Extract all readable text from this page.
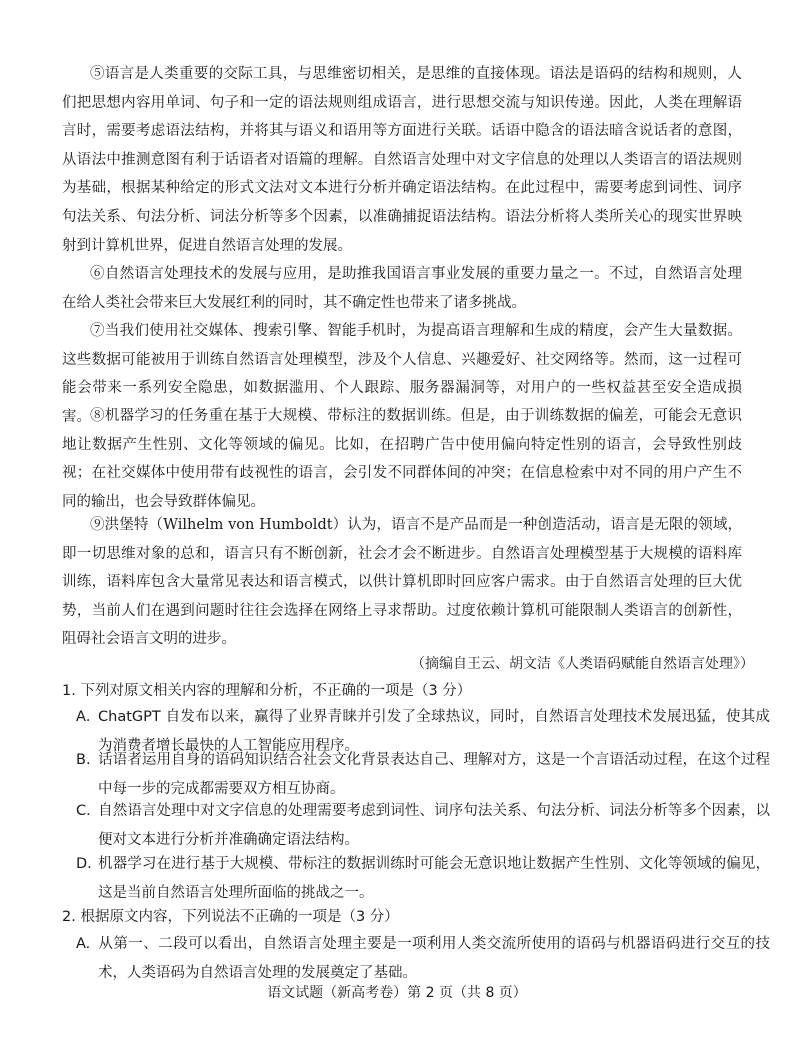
⑤语言是人类重要的交际工具，与思维密切相关，是思维的直接体现。语法是语码的结构和规则，人们把思想内容用单词、句子和一定的语法规则组成语言，进行思想交流与知识传递。因此，人类在理解语言时，需要考虑语法结构，并将其与语义和语用等方面进行关联。话语中隐含的语法暗含说话者的意图，从语法中推测意图有利于话语者对语篇的理解。自然语言处理中对文字信息的处理以人类语言的语法规则为基础，根据某种给定的形式文法对文本进行分析并确定语法结构。在此过程中，需要考虑到词性、词序句法关系、句法分析、词法分析等多个因素，以准确捕捉语法结构。语法分析将人类所关心的现实世界映射到计算机世界，促进自然语言处理的发展。

⑥自然语言处理技术的发展与应用，是助推我国语言事业发展的重要力量之一。不过，自然语言处理在给人类社会带来巨大发展红利的同时，其不确定性也带来了诸多挑战。

⑦当我们使用社交媒体、搜索引擎、智能手机时，为提高语言理解和生成的精度，会产生大量数据。这些数据可能被用于训练自然语言处理模型，涉及个人信息、兴趣爱好、社交网络等。然而，这一过程可能会带来一系列安全隐患，如数据滥用、个人跟踪、服务器漏洞等，对用户的一些权益甚至安全造成损害。 ⑧机器学习的任务重在基于大规模、带标注的数据训练。但是，由于训练数据的偏差，可能会无意识地让数据产生性别、文化等领域的偏见。比如，在招聘广告中使用偏向特定性别的语言，会导致性别歧视；在社交媒体中使用带有歧视性的语言，会引发不同群体间的冲突；在信息检索中对不同的用户产生不同的输出，也会导致群体偏见。

⑨洪堡特（Wilhelm von Humboldt）认为，语言不是产品而是一种创造活动，语言是无限的领域，即一切思维对象的总和，语言只有不断创新，社会才会不断进步。自然语言处理模型基于大规模的语料库训练，语料库包含大量常见表达和语言模式，以供计算机即时回应客户需求。由于自然语言处理的巨大优势，当前人们在遇到问题时往往会选择在网络上寻求帮助。过度依赖计算机可能限制人类语言的创新性，阻碍社会语言文明的进步。

（摘编自王云、胡文洁《人类语码赋能自然语言处理》）

1. 下列对原文相关内容的理解和分析，不正确的一项是（3 分）

A．ChatGPT 自发布以来，赢得了业界青睐并引发了全球热议，同时，自然语言处理技术发展迅猛，使其成为消费者增长最快的人工智能应用程序。

B. 话语者运用自身的语码知识结合社会文化背景表达自己、理解对方，这是一个言语活动过程，在这个过程中每一步的完成都需要双方相互协商。

C. 自然语言处理中对文字信息的处理需要考虑到词性、词序句法关系、句法分析、词法分析等多个因素，以便对文本进行分析并准确确定语法结构。

D. 机器学习在进行基于大规模、带标注的数据训练时可能会无意识地让数据产生性别、文化等领域的偏见，这是当前自然语言处理所面临的挑战之一。

2. 根据原文内容，下列说法不正确的一项是（3 分）

A. 从第一、二段可以看出，自然语言处理主要是一项利用人类交流所使用的语码与机器语码进行交互的技术，人类语码为自然语言处理的发展奠定了基础。

语文试题（新高考卷）第 2 页（共 8 页）
